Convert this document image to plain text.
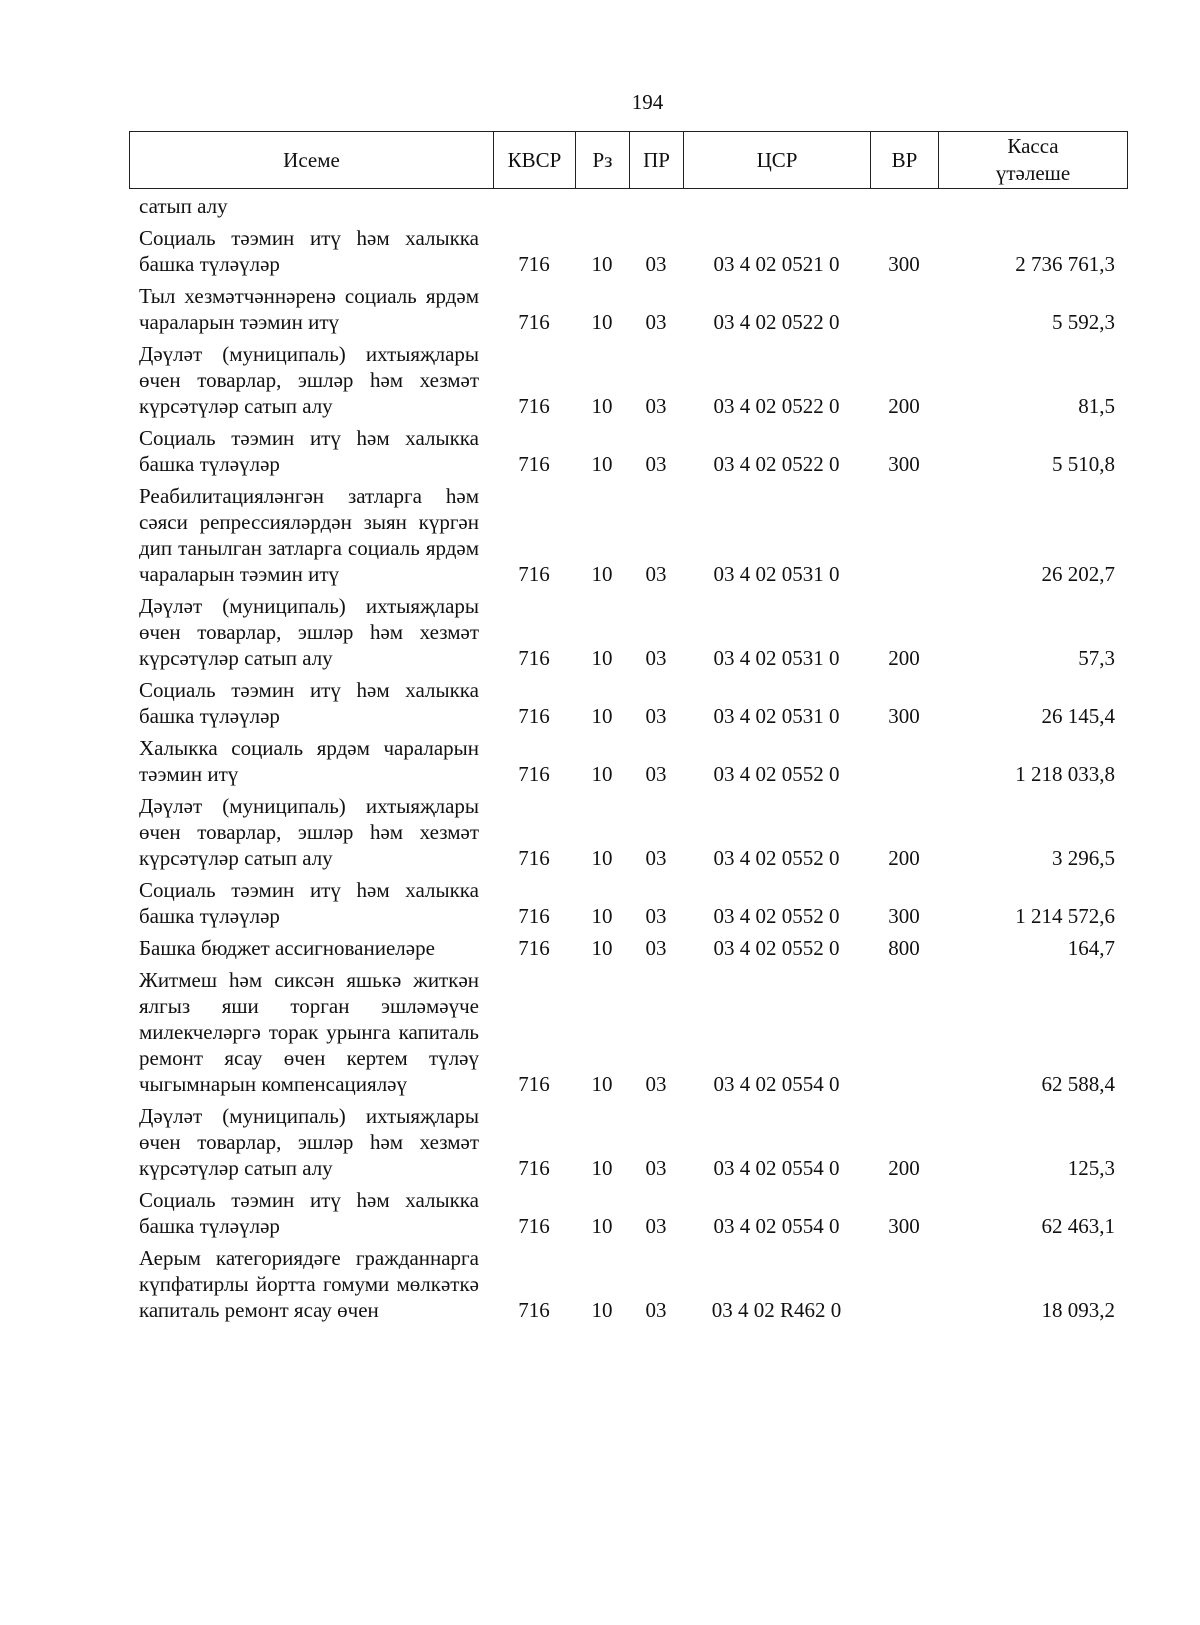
194
Исеме	КВСР	Рз	ПР	ЦСР	ВР	Касса үтәлеше
сатып алу						

Социаль тәэмин итү һәм халыкка башка түләүләр	716	10	03	03 4 02 0521 0	300	2 736 761,3

Тыл хезмәтчәннәренә социаль ярдәм чараларын тәэмин итү	716	10	03	03 4 02 0522 0		5 592,3

Дәүләт (муниципаль) ихтыяҗлары өчен товарлар, эшләр һәм хезмәт күрсәтүләр сатып алу	716	10	03	03 4 02 0522 0	200	81,5

Социаль тәэмин итү һәм халыкка башка түләүләр	716	10	03	03 4 02 0522 0	300	5 510,8

Реабилитацияләнгән затларга һәм сәяси репрессияләрдән зыян күргән дип танылган затларга социаль ярдәм чараларын тәэмин итү	716	10	03	03 4 02 0531 0		26 202,7

Дәүләт (муниципаль) ихтыяҗлары өчен товарлар, эшләр һәм хезмәт күрсәтүләр сатып алу	716	10	03	03 4 02 0531 0	200	57,3

Социаль тәэмин итү һәм халыкка башка түләүләр	716	10	03	03 4 02 0531 0	300	26 145,4

Халыкка социаль ярдәм чараларын тәэмин итү	716	10	03	03 4 02 0552 0		1 218 033,8

Дәүләт (муниципаль) ихтыяҗлары өчен товарлар, эшләр һәм хезмәт күрсәтүләр сатып алу	716	10	03	03 4 02 0552 0	200	3 296,5

Социаль тәэмин итү һәм халыкка башка түләүләр	716	10	03	03 4 02 0552 0	300	1 214 572,6

Башка бюджет ассигнованиеләре	716	10	03	03 4 02 0552 0	800	164,7

Житмеш һәм сиксән яшькә житкән ялгыз яши торган эшләмәүче милекчеләргә торак урынга капиталь ремонт ясау өчен кертем түләү чыгымнарын компенсацияләү	716	10	03	03 4 02 0554 0		62 588,4

Дәүләт (муниципаль) ихтыяҗлары өчен товарлар, эшләр һәм хезмәт күрсәтүләр сатып алу	716	10	03	03 4 02 0554 0	200	125,3

Социаль тәэмин итү һәм халыкка башка түләүләр	716	10	03	03 4 02 0554 0	300	62 463,1

Аерым категориядәге гражданнарга күпфатирлы йортта гомуми мөлкәткә капиталь ремонт ясау өчен	716	10	03	03 4 02 R462 0		18 093,2
